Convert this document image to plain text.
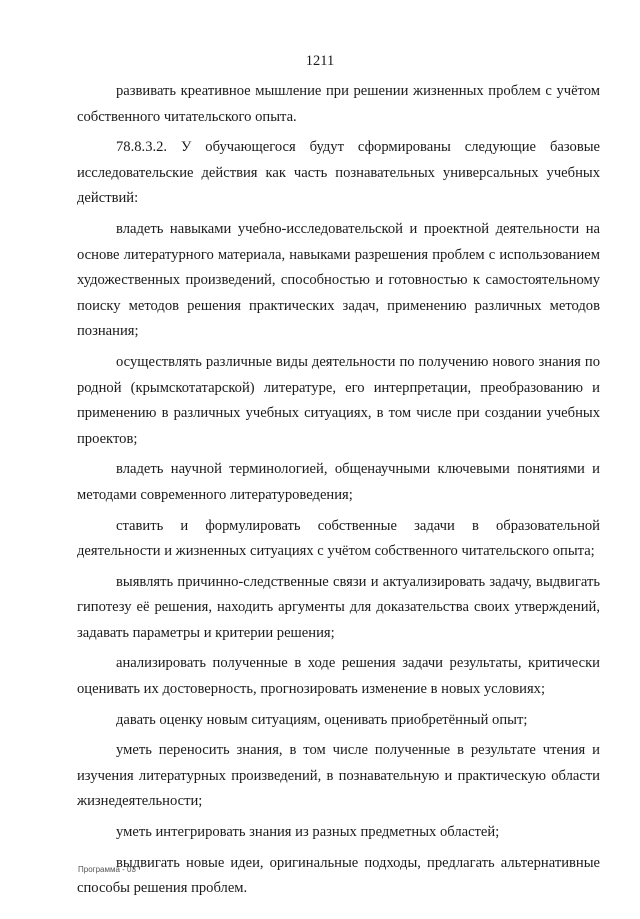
1211

развивать креативное мышление при решении жизненных проблем с учётом собственного читательского опыта.

78.8.3.2. У обучающегося будут сформированы следующие базовые исследовательские действия как часть познавательных универсальных учебных действий:

владеть навыками учебно-исследовательской и проектной деятельности на основе литературного материала, навыками разрешения проблем с использованием художественных произведений, способностью и готовностью к самостоятельному поиску методов решения практических задач, применению различных методов познания;

осуществлять различные виды деятельности по получению нового знания по родной (крымскотатарской) литературе, его интерпретации, преобразованию и применению в различных учебных ситуациях, в том числе при создании учебных проектов;

владеть научной терминологией, общенаучными ключевыми понятиями и методами современного литературоведения;

ставить и формулировать собственные задачи в образовательной деятельности и жизненных ситуациях с учётом собственного читательского опыта;

выявлять причинно-следственные связи и актуализировать задачу, выдвигать гипотезу её решения, находить аргументы для доказательства своих утверждений, задавать параметры и критерии решения;

анализировать полученные в ходе решения задачи результаты, критически оценивать их достоверность, прогнозировать изменение в новых условиях;

давать оценку новым ситуациям, оценивать приобретённый опыт;

уметь переносить знания, в том числе полученные в результате чтения и изучения литературных произведений, в познавательную и практическую области жизнедеятельности;

уметь интегрировать знания из разных предметных областей;

выдвигать новые идеи, оригинальные подходы, предлагать альтернативные способы решения проблем.

Программа - 03
